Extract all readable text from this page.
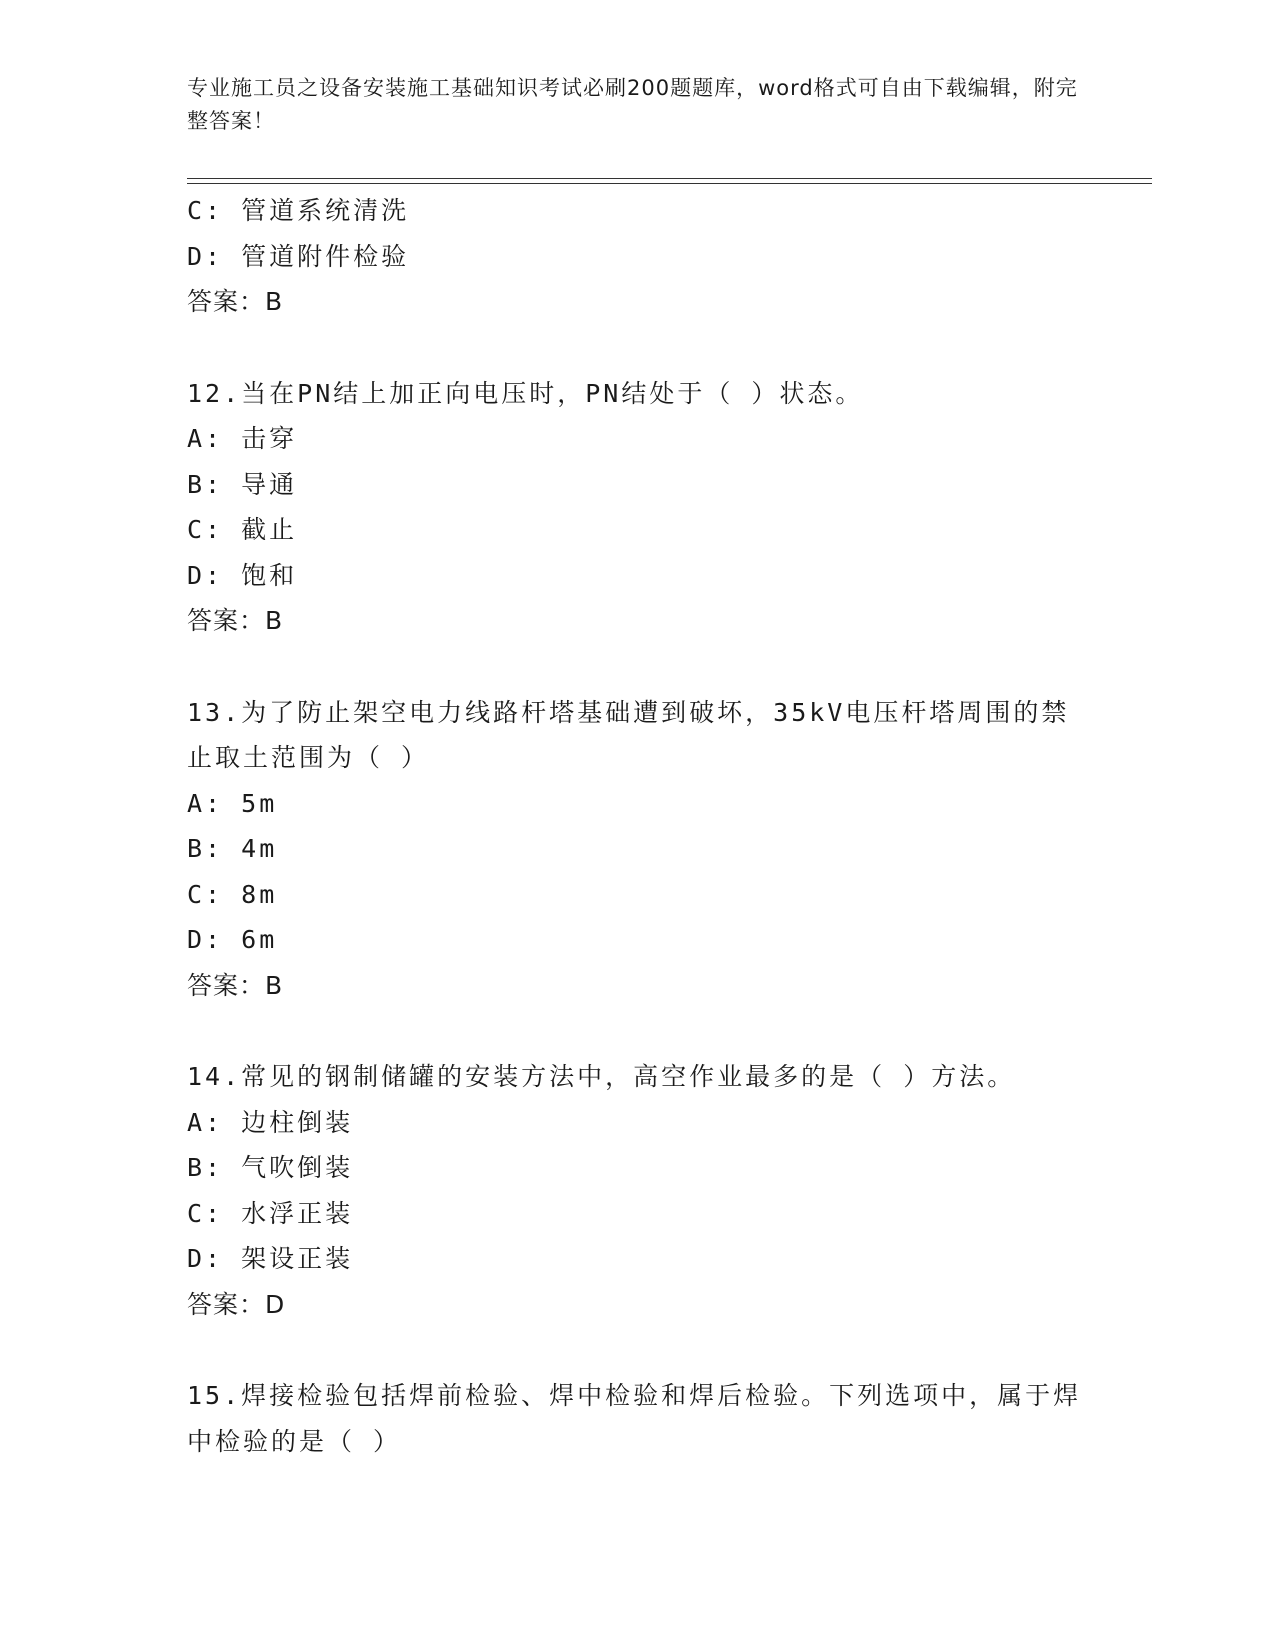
专业施工员之设备安装施工基础知识考试必刷200题题库，word格式可自由下载编辑，附完整答案！
C: 管道系统清洗
D: 管道附件检验
答案：B
12.当在PN结上加正向电压时，PN结处于（ ）状态。
A: 击穿
B: 导通
C: 截止
D: 饱和
答案：B
13.为了防止架空电力线路杆塔基础遭到破坏，35kV电压杆塔周围的禁止取土范围为（ ）
A: 5m
B: 4m
C: 8m
D: 6m
答案：B
14.常见的钢制储罐的安装方法中，高空作业最多的是（ ）方法。
A: 边柱倒装
B: 气吹倒装
C: 水浮正装
D: 架设正装
答案：D
15.焊接检验包括焊前检验、焊中检验和焊后检验。下列选项中，属于焊中检验的是（ ）
